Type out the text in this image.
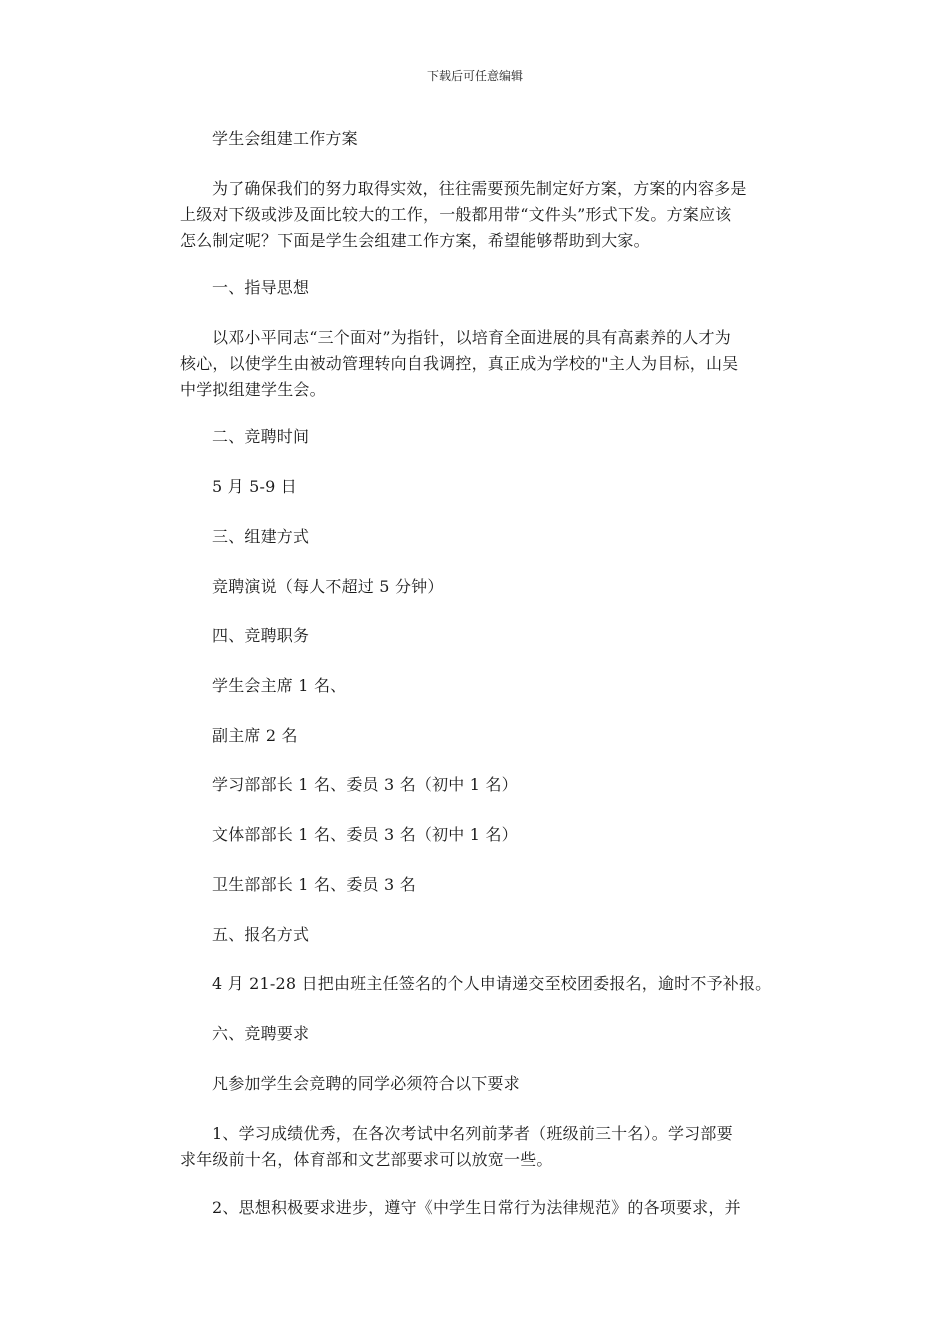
下载后可任意编辑

学生会组建工作方案

为了确保我们的努力取得实效，往往需要预先制定好方案，方案的内容多是
上级对下级或涉及面比较大的工作，一般都用带“文件头”形式下发。方案应该
怎么制定呢？下面是学生会组建工作方案，希望能够帮助到大家。

一、指导思想

以邓小平同志“三个面对”为指针，以培育全面进展的具有高素养的人才为
核心，以使学生由被动管理转向自我调控，真正成为学校的"主人为目标，山吴
中学拟组建学生会。

二、竞聘时间

5 月 5-9 日

三、组建方式

竞聘演说（每人不超过 5 分钟）

四、竞聘职务

学生会主席 1 名、

副主席 2 名

学习部部长 1 名、委员 3 名（初中 1 名）

文体部部长 1 名、委员 3 名（初中 1 名）

卫生部部长 1 名、委员 3 名

五、报名方式

4 月 21-28 日把由班主任签名的个人申请递交至校团委报名，逾时不予补报。

六、竞聘要求

凡参加学生会竞聘的同学必须符合以下要求

1、学习成绩优秀，在各次考试中名列前茅者（班级前三十名）。学习部要
求年级前十名，体育部和文艺部要求可以放宽一些。
2、思想积极要求进步，遵守《中学生日常行为法律规范》的各项要求，并
